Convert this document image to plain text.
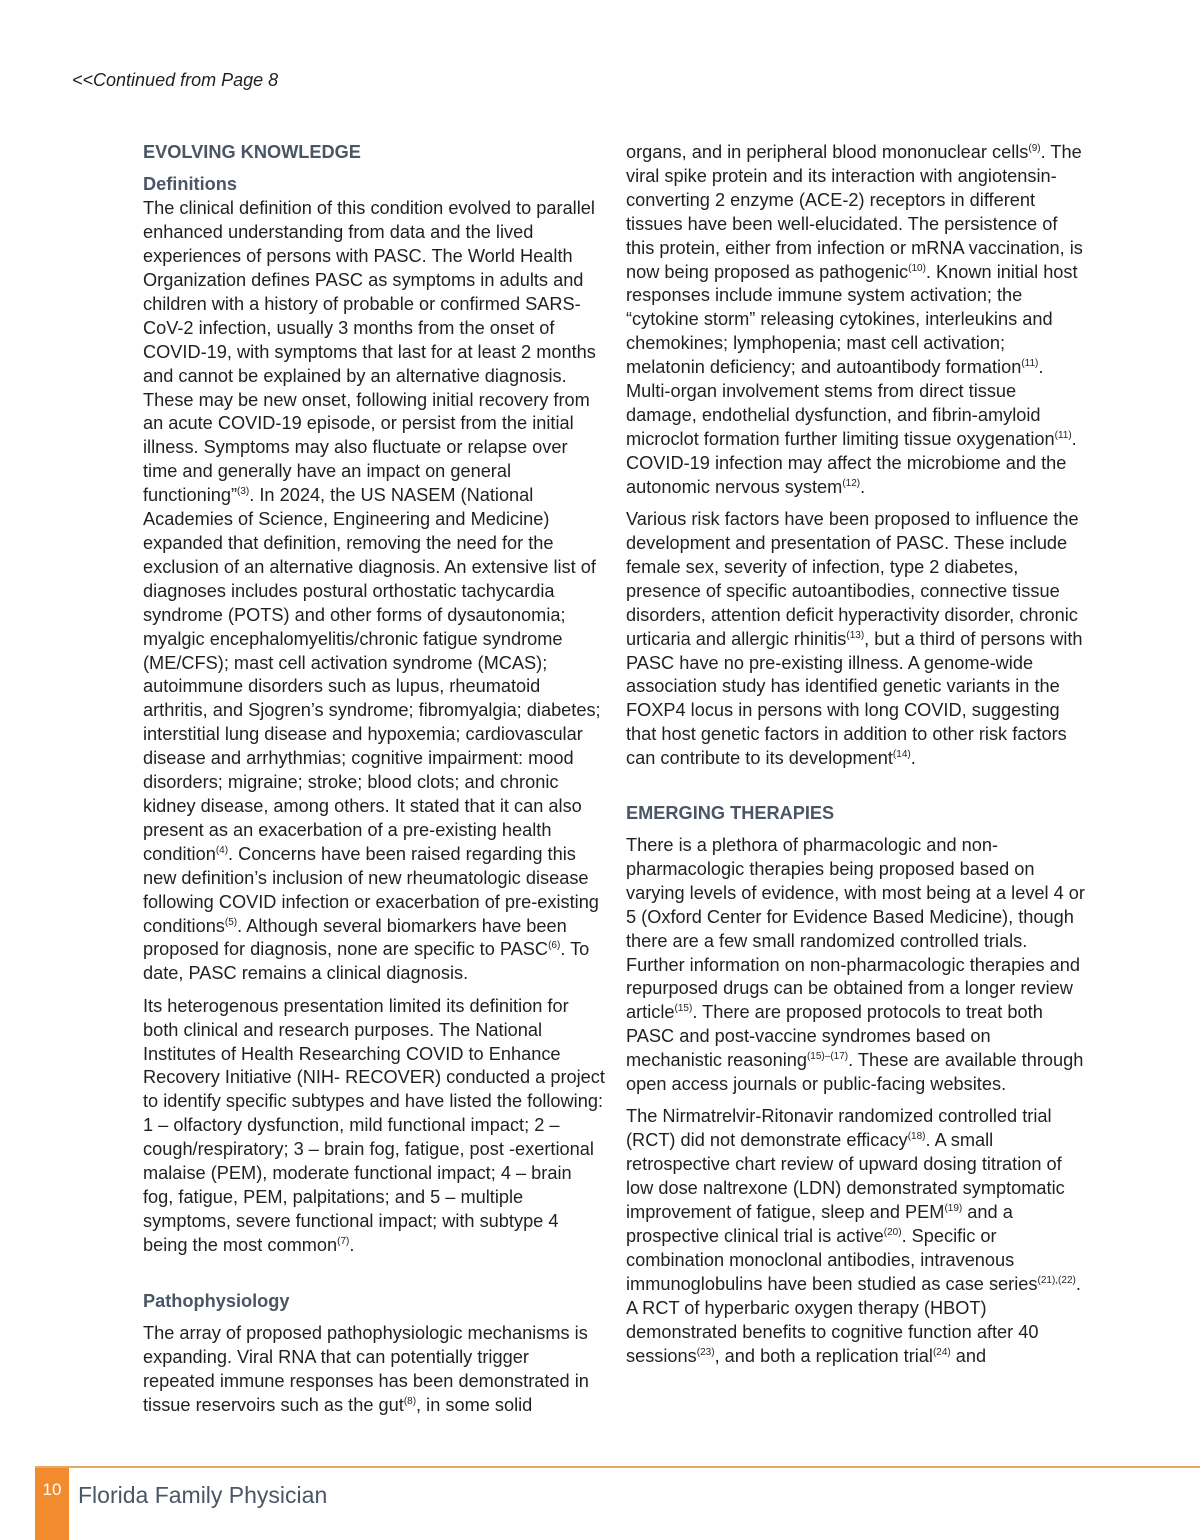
<<Continued from Page 8

EVOLVING KNOWLEDGE

Definitions

The clinical definition of this condition evolved to parallel enhanced understanding from data and the lived experiences of persons with PASC. The World Health Organization defines PASC as symptoms in adults and children with a history of probable or confirmed SARS-CoV-2 infection, usually 3 months from the onset of COVID-19, with symptoms that last for at least 2 months and cannot be explained by an alternative diagnosis. These may be new onset, following initial recovery from an acute COVID-19 episode, or persist from the initial illness. Symptoms may also fluctuate or relapse over time and generally have an impact on general functioning”$^{(3)}$. In 2024, the US NASEM (National Academies of Science, Engineering and Medicine) expanded that definition, removing the need for the exclusion of an alternative diagnosis. An extensive list of diagnoses includes postural orthostatic tachycardia syndrome (POTS) and other forms of dysautonomia; myalgic encephalomyelitis/chronic fatigue syndrome (ME/CFS); mast cell activation syndrome (MCAS); autoimmune disorders such as lupus, rheumatoid arthritis, and Sjogren’s syndrome; fibromyalgia; diabetes; interstitial lung disease and hypoxemia; cardiovascular disease and arrhythmias; cognitive impairment: mood disorders; migraine; stroke; blood clots; and chronic kidney disease, among others. It stated that it can also present as an exacerbation of a pre-existing health condition$^{(4)}$. Concerns have been raised regarding this new definition’s inclusion of new rheumatologic disease following COVID infection or exacerbation of pre-existing conditions$^{(5)}$. Although several biomarkers have been proposed for diagnosis, none are specific to PASC$^{(6)}$. To date, PASC remains a clinical diagnosis.

Its heterogenous presentation limited its definition for both clinical and research purposes. The National Institutes of Health Researching COVID to Enhance Recovery Initiative (NIH- RECOVER) conducted a project to identify specific subtypes and have listed the following: 1 – olfactory dysfunction, mild functional impact; 2 – cough/respiratory; 3 – brain fog, fatigue, post -exertional malaise (PEM), moderate functional impact; 4 – brain fog, fatigue, PEM, palpitations; and 5 – multiple symptoms, severe functional impact; with subtype 4 being the most common$^{(7)}$.

Pathophysiology

The array of proposed pathophysiologic mechanisms is expanding. Viral RNA that can potentially trigger repeated immune responses has been demonstrated in tissue reservoirs such as the gut$^{(8)}$, in some solid

organs, and in peripheral blood mononuclear cells$^{(9)}$. The viral spike protein and its interaction with angiotensin-converting 2 enzyme (ACE-2) receptors in different tissues have been well-elucidated. The persistence of this protein, either from infection or mRNA vaccination, is now being proposed as pathogenic$^{(10)}$. Known initial host responses include immune system activation; the “cytokine storm” releasing cytokines, interleukins and chemokines; lymphopenia; mast cell activation; melatonin deficiency; and autoantibody formation$^{(11)}$. Multi-organ involvement stems from direct tissue damage, endothelial dysfunction, and fibrin-amyloid microclot formation further limiting tissue oxygenation$^{(11)}$. COVID-19 infection may affect the microbiome and the autonomic nervous system$^{(12)}$.

Various risk factors have been proposed to influence the development and presentation of PASC. These include female sex, severity of infection, type 2 diabetes, presence of specific autoantibodies, connective tissue disorders, attention deficit hyperactivity disorder, chronic urticaria and allergic rhinitis$^{(13)}$, but a third of persons with PASC have no pre-existing illness. A genome-wide association study has identified genetic variants in the FOXP4 locus in persons with long COVID, suggesting that host genetic factors in addition to other risk factors can contribute to its development$^{(14)}$.

EMERGING THERAPIES

There is a plethora of pharmacologic and non-pharmacologic therapies being proposed based on varying levels of evidence, with most being at a level 4 or 5 (Oxford Center for Evidence Based Medicine), though there are a few small randomized controlled trials. Further information on non-pharmacologic therapies and repurposed drugs can be obtained from a longer review article$^{(15)}$. There are proposed protocols to treat both PASC and post-vaccine syndromes based on mechanistic reasoning$^{(15)-(17)}$. These are available through open access journals or public-facing websites.

The Nirmatrelvir-Ritonavir randomized controlled trial (RCT) did not demonstrate efficacy$^{(18)}$. A small retrospective chart review of upward dosing titration of low dose naltrexone (LDN) demonstrated symptomatic improvement of fatigue, sleep and PEM$^{(19)}$ and a prospective clinical trial is active$^{(20)}$. Specific or combination monoclonal antibodies, intravenous immunoglobulins have been studied as case series$^{(21),(22)}$. A RCT of hyperbaric oxygen therapy (HBOT) demonstrated benefits to cognitive function after 40 sessions$^{(23)}$, and both a replication trial$^{(24)}$ and

10 Florida Family Physician
